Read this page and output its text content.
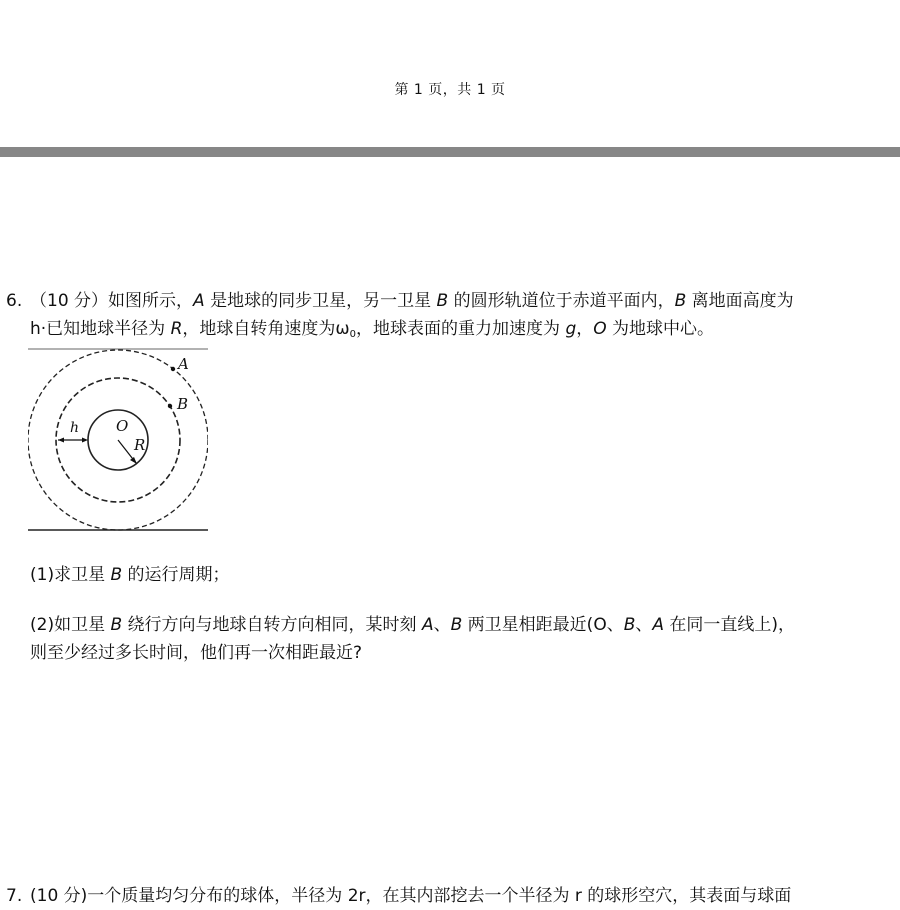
第 1 页，共 1 页
6. （10 分）如图所示，A 是地球的同步卫星，另一卫星 B 的圆形轨道位于赤道平面内，B 离地面高度为
h·已知地球半径为 R，地球自转角速度为$\omega_0$，地球表面的重力加速度为 g，O 为地球中心。
A
B
O
h
R
(1)求卫星 B 的运行周期；
(2)如卫星 B 绕行方向与地球自转方向相同，某时刻 A、B 两卫星相距最近(O、B、A 在同一直线上)，
则至少经过多长时间，他们再一次相距最近?
7. (10 分)一个质量均匀分布的球体，半径为 2r，在其内部挖去一个半径为 r 的球形空穴，其表面与球面
